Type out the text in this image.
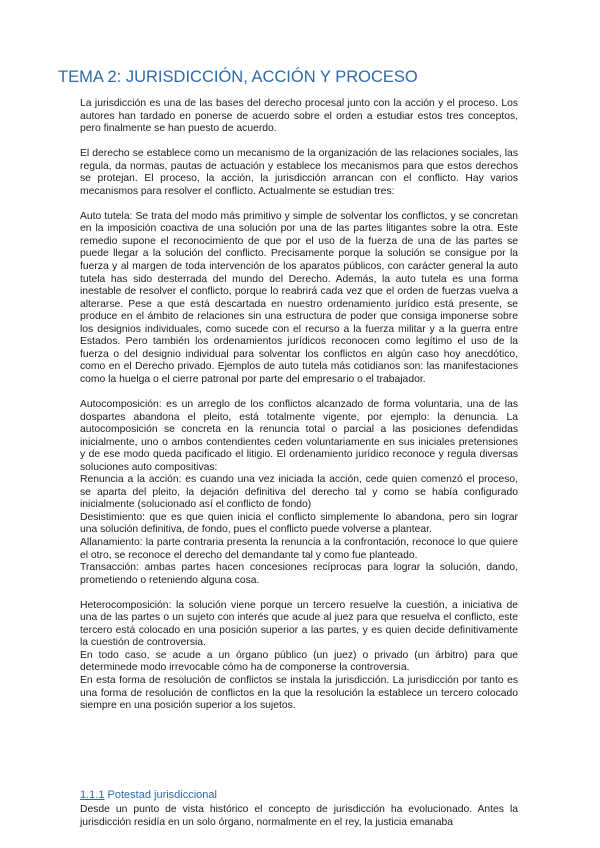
TEMA 2: JURISDICCIÓN, ACCIÓN Y PROCESO

La jurisdicción es una de las bases del derecho procesal junto con la acción y el proceso. Los autores han tardado en ponerse de acuerdo sobre el orden a estudiar estos tres conceptos, pero finalmente se han puesto de acuerdo.

El derecho se establece como un mecanismo de la organización de las relaciones sociales, las regula, da normas, pautas de actuación y establece los mecanismos para que estos derechos se protejan. El proceso, la acción, la jurisdicción arrancan con el conflicto. Hay varios mecanismos para resolver el conflicto. Actualmente se estudian tres:

Auto tutela: Se trata del modo más primitivo y simple de solventar los conflictos, y se concretan en la imposición coactiva de una solución por una de las partes litigantes sobre la otra. Este remedio supone el reconocimiento de que por el uso de la fuerza de una de las partes se puede llegar a la solución del conflicto. Precisamente porque la solución se consigue por la fuerza y al margen de toda intervención de los aparatos públicos, con carácter general la auto tutela has sido desterrada del mundo del Derecho. Además, la auto tutela es una forma inestable de resolver el conflicto, porque lo reabrirá cada vez que el orden de fuerzas vuelva a alterarse. Pese a que está descartada en nuestro ordenamiento jurídico está presente, se produce en el ámbito de relaciones sin una estructura de poder que consiga imponerse sobre los designios individuales, como sucede con el recurso a la fuerza militar y a la guerra entre Estados. Pero también los ordenamientos jurídicos reconocen como legítimo el uso de la fuerza o del designio individual para solventar los conflictos en algún caso hoy anecdótico, como en el Derecho privado. Ejemplos de auto tutela más cotidianos son: las manifestaciones como la huelga o el cierre patronal por parte del empresario o el trabajador.

Autocomposición: es un arreglo de los conflictos alcanzado de forma voluntaria, una de las dospartes abandona el pleito, está totalmente vigente, por ejemplo: la denuncia. La autocomposición se concreta en la renuncia total o parcial a las posiciones defendidas inicialmente, uno o ambos contendientes ceden voluntariamente en sus iniciales pretensiones y de ese modo queda pacificado el litigio. El ordenamiento jurídico reconoce y regula diversas soluciones auto compositivas:

Renuncia a la acción: es cuando una vez iniciada la acción, cede quien comenzó el proceso, se aparta del pleito, la dejación definitiva del derecho tal y como se había configurado inicialmente (solucionado así el conflicto de fondo)

Desistimiento: que es que quien inicia el conflicto simplemente lo abandona, pero sin lograr una solución definitiva, de fondo, pues el conflicto puede volverse a plantear.

Allanamiento: la parte contraria presenta la renuncia a la confrontación, reconoce lo que quiere el otro, se reconoce el derecho del demandante tal y como fue planteado.

Transacción: ambas partes hacen concesiones recíprocas para lograr la solución, dando, prometiendo o reteniendo alguna cosa.

Heterocomposición: la solución viene porque un tercero resuelve la cuestión, a iniciativa de una de las partes o un sujeto con interés que acude al juez para que resuelva el conflicto, este tercero está colocado en una posición superior a las partes, y es quien decide definitivamente la cuestión de controversia.

En todo caso, se acude a un órgano público (un juez) o privado (un árbitro) para que determinede modo irrevocable cómo ha de componerse la controversia.

En esta forma de resolución de conflictos se instala la jurisdicción. La jurisdicción por tanto es una forma de resolución de conflictos en la que la resolución la establece un tercero colocado siempre en una posición superior a los sujetos.

1.1.1 Potestad jurisdiccional

Desde un punto de vista histórico el concepto de jurisdicción ha evolucionado. Antes la jurisdicción residía en un solo órgano, normalmente en el rey, la justicia emanaba
